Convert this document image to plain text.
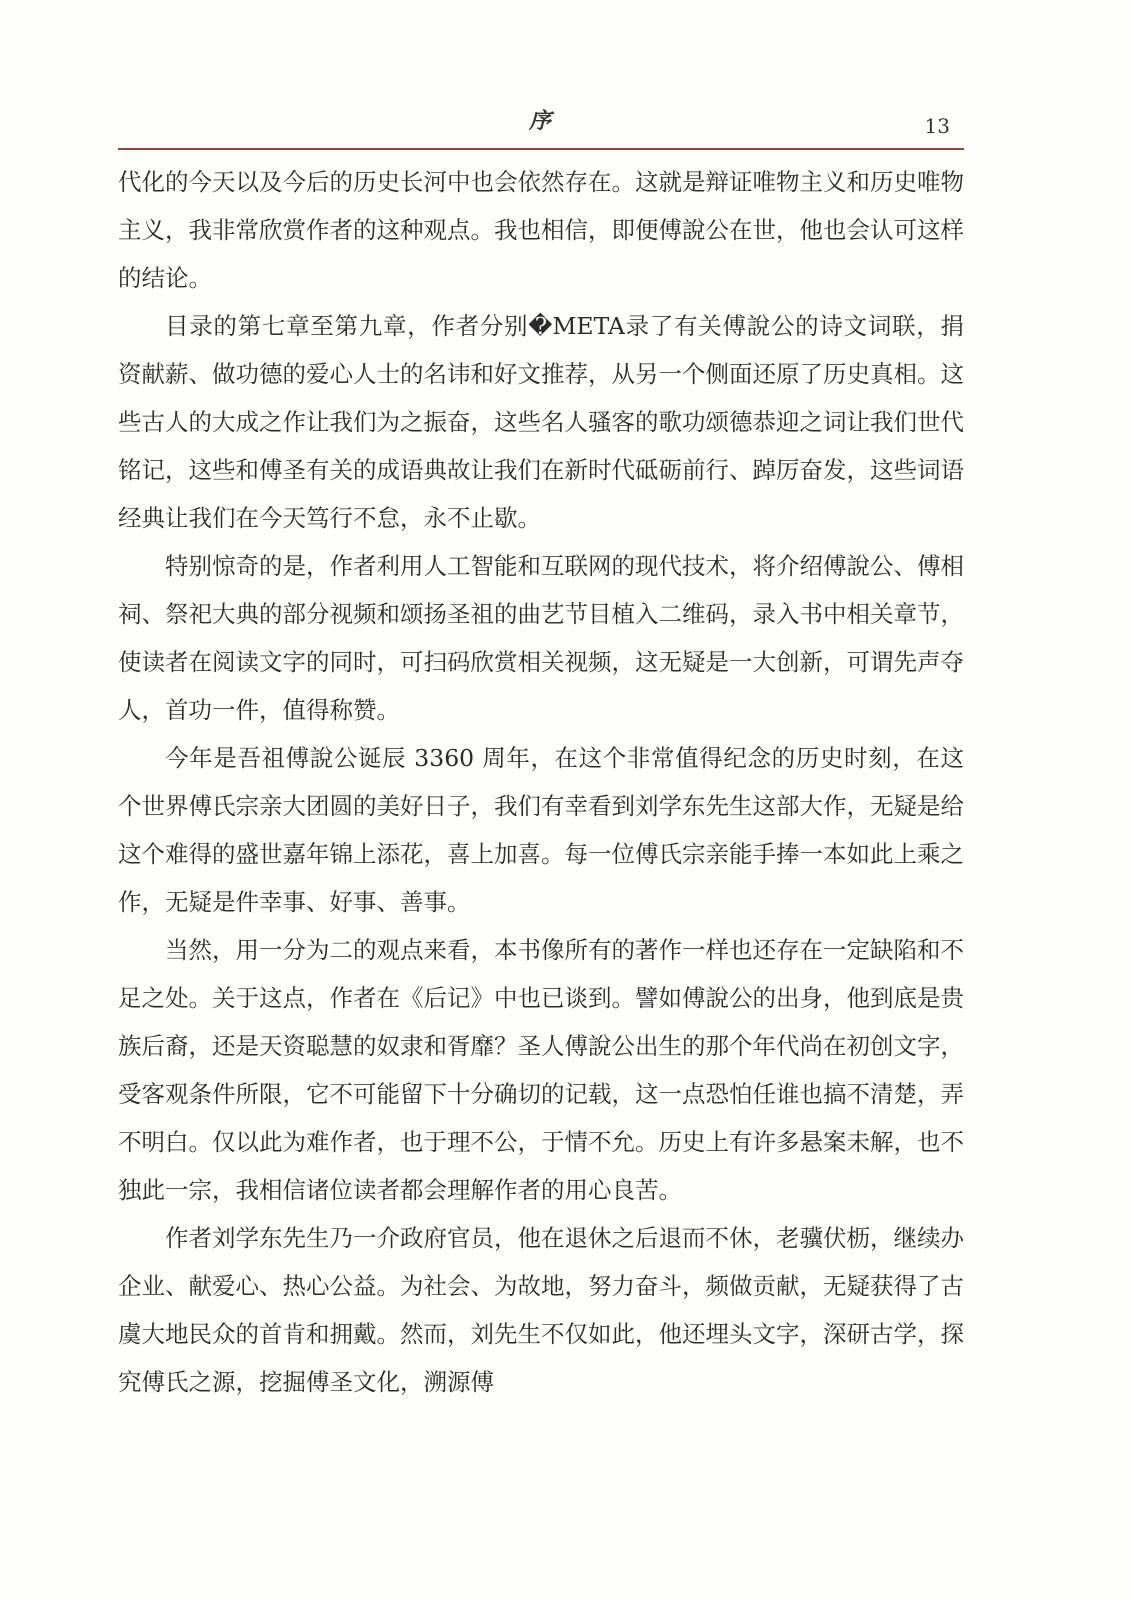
序	13

代化的今天以及今后的历史长河中也会依然存在。这就是辩证唯物主义和历史唯物主义，我非常欣赏作者的这种观点。我也相信，即便傅說公在世，他也会认可这样的结论。

目录的第七章至第九章，作者分别�META录了有关傅說公的诗文词联，捐资献薪、做功德的爱心人士的名讳和好文推荐，从另一个侧面还原了历史真相。这些古人的大成之作让我们为之振奋，这些名人骚客的歌功颂德恭迎之词让我们世代铭记，这些和傅圣有关的成语典故让我们在新时代砥砺前行、踔厉奋发，这些词语经典让我们在今天笃行不怠，永不止歇。

特别惊奇的是，作者利用人工智能和互联网的现代技术，将介绍傅說公、傅相祠、祭祀大典的部分视频和颂扬圣祖的曲艺节目植入二维码，录入书中相关章节，使读者在阅读文字的同时，可扫码欣赏相关视频，这无疑是一大创新，可谓先声夺人，首功一件，值得称赞。

今年是吾祖傅說公诞辰 3360 周年，在这个非常值得纪念的历史时刻，在这个世界傅氏宗亲大团圆的美好日子，我们有幸看到刘学东先生这部大作，无疑是给这个难得的盛世嘉年锦上添花，喜上加喜。每一位傅氏宗亲能手捧一本如此上乘之作，无疑是件幸事、好事、善事。

当然，用一分为二的观点来看，本书像所有的著作一样也还存在一定缺陷和不足之处。关于这点，作者在《后记》中也已谈到。譬如傅說公的出身，他到底是贵族后裔，还是天资聪慧的奴隶和胥靡？圣人傅說公出生的那个年代尚在初创文字，受客观条件所限，它不可能留下十分确切的记载，这一点恐怕任谁也搞不清楚，弄不明白。仅以此为难作者，也于理不公，于情不允。历史上有许多悬案未解，也不独此一宗，我相信诸位读者都会理解作者的用心良苦。

作者刘学东先生乃一介政府官员，他在退休之后退而不休，老骥伏枥，继续办企业、献爱心、热心公益。为社会、为故地，努力奋斗，频做贡献，无疑获得了古虞大地民众的首肯和拥戴。然而，刘先生不仅如此，他还埋头文字，深研古学，探究傅氏之源，挖掘傅圣文化，溯源傅
